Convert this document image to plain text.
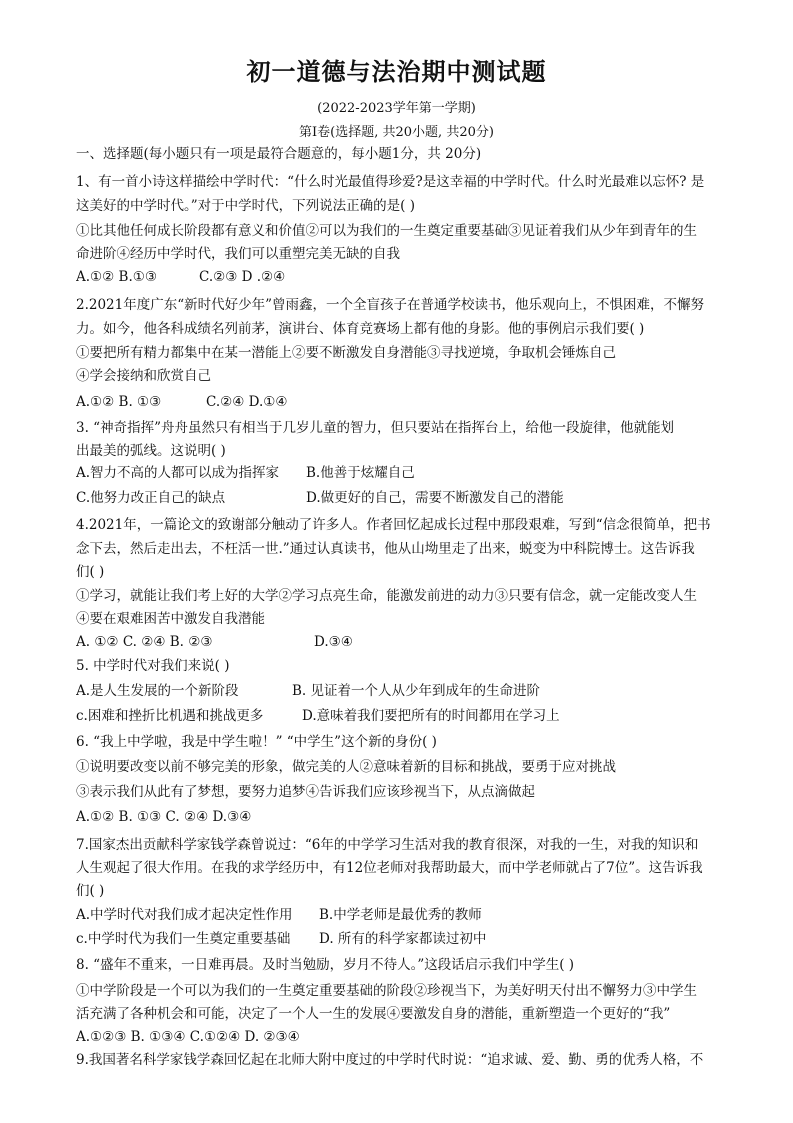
初一道德与法治期中测试题
(2022-2023学年第一学期)
第Ⅰ卷(选择题, 共20小题, 共20分)
一、选择题(每小题只有一项是最符合题意的，每小题1分，共 20分)
1、有一首小诗这样描绘中学时代：“什么时光最值得珍爱?是这幸福的中学时代。什么时光最难以忘怀? 是
这美好的中学时代。”对于中学时代，下列说法正确的是( )
①比其他任何成长阶段都有意义和价值②可以为我们的一生奠定重要基础③见证着我们从少年到青年的生
命进阶④经历中学时代，我们可以重塑完美无缺的自我
A.①② B.①③	C.②③ D .②④
2.2021年度广东“新时代好少年”曾雨鑫，一个全盲孩子在普通学校读书，他乐观向上，不惧困难，不懈努
力。如今，他各科成绩名列前茅，演讲台、体育竞赛场上都有他的身影。他的事例启示我们要( )
①要把所有精力都集中在某一潜能上②要不断激发自身潜能③寻找逆境，争取机会锤炼自己
④学会接纳和欣赏自己
A.①② B. ①③	C.②④ D.①④
3. “神奇指挥”舟舟虽然只有相当于几岁儿童的智力，但只要站在指挥台上，给他一段旋律，他就能划
出最美的弧线。这说明( )
A.智力不高的人都可以成为指挥家 B.他善于炫耀自己
C.他努力改正自己的缺点	D.做更好的自己，需要不断激发自己的潜能
4.2021年，一篇论文的致谢部分触动了许多人。作者回忆起成长过程中那段艰难，写到“信念很简单，把书
念下去，然后走出去，不枉活一世.”通过认真读书，他从山坳里走了出来，蜕变为中科院博士。这告诉我
们( )
①学习，就能让我们考上好的大学②学习点亮生命，能激发前进的动力③只要有信念，就一定能改变人生
④要在艰难困苦中激发自我潜能
A. ①② C. ②④ B. ②③	D.③④
5. 中学时代对我们来说( )
A.是人生发展的一个新阶段	B. 见证着一个人从少年到成年的生命进阶
c.困难和挫折比机遇和挑战更多	D.意味着我们要把所有的时间都用在学习上
6. “我上中学啦，我是中学生啦！” “中学生”这个新的身份( )
①说明要改变以前不够完美的形象，做完美的人②意味着新的目标和挑战，要勇于应对挑战
③表示我们从此有了梦想，要努力追梦④告诉我们应该珍视当下，从点滴做起
A.①② B. ①③ C. ②④ D.③④
7.国家杰出贡献科学家钱学森曾说过：“6年的中学学习生活对我的教育很深，对我的一生，对我的知识和
人生观起了很大作用。在我的求学经历中，有12位老师对我帮助最大，而中学老师就占了7位”。这告诉我
们( )
A.中学时代对我们成才起决定性作用 B.中学老师是最优秀的教师
c.中学时代为我们一生奠定重要基础 D. 所有的科学家都读过初中
8. “盛年不重来，一日难再晨。及时当勉励，岁月不待人。”这段话启示我们中学生( )
①中学阶段是一个可以为我们的一生奠定重要基础的阶段②珍视当下，为美好明天付出不懈努力③中学生
活充满了各种机会和可能，决定了一个人一生的发展④要激发自身的潜能，重新塑造一个更好的“我”
A.①②③ B. ①③④ C.①②④ D. ②③④
9.我国著名科学家钱学森回忆起在北师大附中度过的中学时代时说：“追求诚、爱、勤、勇的优秀人格，不
